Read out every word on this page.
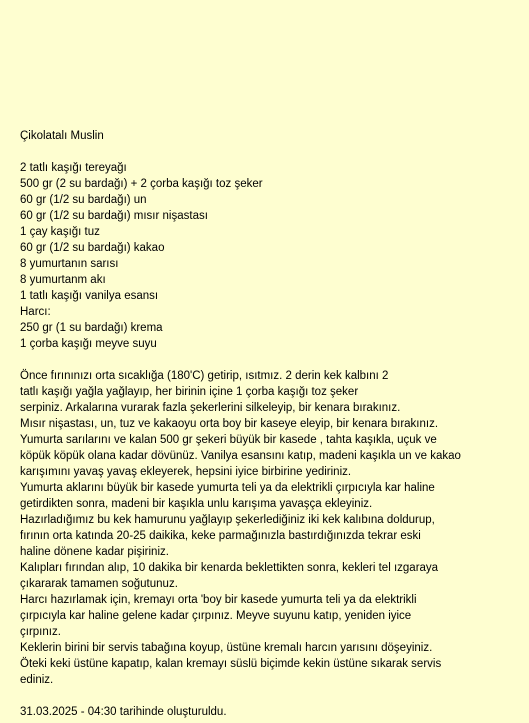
Çikolatalı Muslin
2 tatlı kaşığı tereyağı
500 gr (2 su bardağı) + 2 çorba kaşığı toz şeker
60 gr (1/2 su bardağı) un
60 gr (1/2 su bardağı) mısır nişastası
1 çay kaşığı tuz
60 gr (1/2 su bardağı) kakao
8 yumurtanın sarısı
8 yumurtanm akı
1 tatlı kaşığı vanilya esansı
Harcı:
250 gr (1 su bardağı) krema
1 çorba kaşığı meyve suyu
Önce fırınınızı orta sıcaklığa (180'C) getirip, ısıtmız. 2 derin kek kalbını 2
tatlı kaşığı yağla yağlayıp, her birinin içine 1 çorba kaşığı toz şeker
serpiniz. Arkalarına vurarak fazla şekerlerini silkeleyip, bir kenara bırakınız.
Mısır nişastası, un, tuz ve kakaoyu orta boy bir kaseye eleyip, bir kenara bırakınız.
Yumurta sarılarını ve kalan 500 gr şekeri büyük bir kasede , tahta kaşıkla, uçuk ve
köpük köpük olana kadar dövünüz. Vanilya esansını katıp, madeni kaşıkla un ve kakao
karışımını yavaş yavaş ekleyerek, hepsini iyice birbirine yediriniz.
Yumurta aklarını büyük bir kasede yumurta teli ya da elektrikli çırpıcıyla kar haline
getirdikten sonra, madeni bir kaşıkla unlu karışıma yavaşça ekleyiniz.
Hazırladığımız bu kek hamurunu yağlayıp şekerlediğiniz iki kek kalıbına doldurup,
fırının orta katında 20-25 daikika, keke parmağınızla bastırdığınızda tekrar eski
haline dönene kadar pişiriniz.
Kalıpları fırından alıp, 10 dakika bir kenarda beklettikten sonra, kekleri tel ızgaraya
çıkararak tamamen soğutunuz.
Harcı hazırlamak için, kremayı orta 'boy bir kasede yumurta teli ya da elektrikli
çırpıcıyla kar haline gelene kadar çırpınız. Meyve suyunu katıp, yeniden iyice
çırpınız.
Keklerin birini bir servis tabağına koyup, üstüne kremalı harcın yarısını döşeyiniz.
Öteki keki üstüne kapatıp, kalan kremayı süslü biçimde kekin üstüne sıkarak servis
ediniz.
31.03.2025 - 04:30 tarihinde oluşturuldu.
